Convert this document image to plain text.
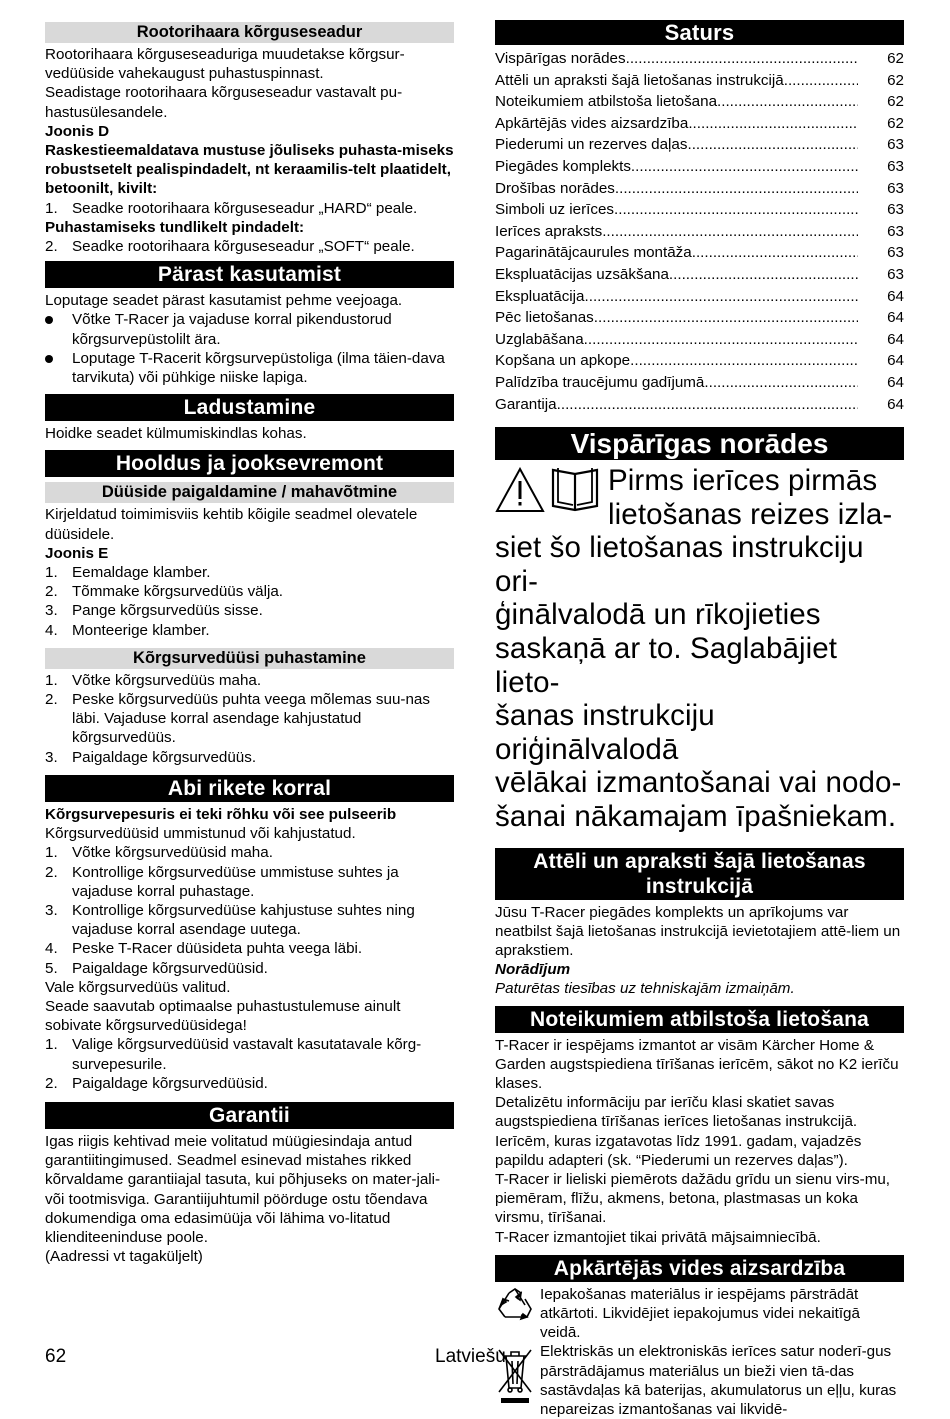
Rootorihaara kõrguseseadur
Rootorihaara kõrguseseaduriga muudetakse kõrgsur-vedüüside vahekaugust puhastuspinnast.
Seadistage rootorihaara kõrguseseadur vastavalt pu-hastusülesandele.
Joonis D
Raskestieemaldatava mustuse jõuliseks puhasta-miseks robustsetelt pealispindadelt, nt keraamilis-telt plaatidelt, betoonilt, kivilt:
1. Seadke rootorihaara kõrguseseadur „HARD“ peale.
Puhastamiseks tundlikelt pindadelt:
2. Seadke rootorihaara kõrguseseadur „SOFT“ peale.
Pärast kasutamist
Loputage seadet pärast kasutamist pehme veejoaga.
Võtke T-Racer ja vajaduse korral pikendustorud kõrgsurvepüstolilt ära.
Loputage T-Racerit kõrgsurvepüstoliga (ilma täien-dava tarvikuta) või pühkige niiske lapiga.
Ladustamine
Hoidke seadet külmumiskindlas kohas.
Hooldus ja jooksevremont
Düüside paigaldamine / mahavõtmine
Kirjeldatud toimimisviis kehtib kõigile seadmel olevatele düüsidele.
Joonis E
1. Eemaldage klamber.
2. Tõmmake kõrgsurvedüüs välja.
3. Pange kõrgsurvedüüs sisse.
4. Monteerige klamber.
Kõrgsurvedüüsi puhastamine
1. Võtke kõrgsurvedüüs maha.
2. Peske kõrgsurvedüüs puhta veega mõlemas suu-nas läbi. Vajaduse korral asendage kahjustatud kõrgsurvedüüs.
3. Paigaldage kõrgsurvedüüs.
Abi rikete korral
Kõrgsurvepesuris ei teki rõhku või see pulseerib
Kõrgsurvedüüsid ummistunud või kahjustatud.
1. Võtke kõrgsurvedüüsid maha.
2. Kontrollige kõrgsurvedüüse ummistuse suhtes ja vajaduse korral puhastage.
3. Kontrollige kõrgsurvedüüse kahjustuse suhtes ning vajaduse korral asendage uutega.
4. Peske T-Racer düüsideta puhta veega läbi.
5. Paigaldage kõrgsurvedüüsid.
Vale kõrgsurvedüüs valitud.
Seade saavutab optimaalse puhastustulemuse ainult sobivate kõrgsurvedüüsidega!
1. Valige kõrgsurvedüüsid vastavalt kasutatavale kõrg-survepesurile.
2. Paigaldage kõrgsurvedüüsid.
Garantii
Igas riigis kehtivad meie volitatud müügiesindaja antud garantiitingimused. Seadmel esinevad mistahes rikked kõrvaldame garantiiajal tasuta, kui põhjuseks on mater-jali- või tootmisviga. Garantiijuhtumil pöörduge ostu tõendava dokumendiga oma edasimüüja või lähima vo-litatud klienditeeninduse poole.
(Aadressi vt tagaküljelt)
Saturs
Vispārīgas norādes .....	62
Attēli un apraksti šajā lietošanas instrukcijā .....	62
Noteikumiem atbilstoša lietošana .....	62
Apkārtējās vides aizsardzība .....	62
Piederumi un rezerves daļas .....	63
Piegādes komplekts .....	63
Drošības norādes .....	63
Simboli uz ierīces .....	63
Ierīces apraksts .....	63
Pagarinātājcaurules montāža .....	63
Ekspluatācijas uzsākšana .....	63
Ekspluatācija .....	64
Pēc lietošanas .....	64
Uzglabāšana .....	64
Kopšana un apkope .....	64
Palīdzība traucējumu gadījumā .....	64
Garantija .....	64
Vispārīgas norādes
Pirms ierīces pirmās
lietošanas reizes izla-
siet šo lietošanas instrukciju ori-
ģinālvalodā un rīkojieties
saskaņā ar to. Saglabājiet lieto-
šanas instrukciju oriģinālvalodā
vēlākai izmantošanai vai nodo-
šanai nākamajam īpašniekam.
Attēli un apraksti šajā lietošanas
instrukcijā
Jūsu T-Racer piegādes komplekts un aprīkojums var neatbilst šajā lietošanas instrukcijā ievietotajiem attē-liem un aprakstiem.
Norādījum
Paturētas tiesības uz tehniskajām izmaiņām.
Noteikumiem atbilstoša lietošana
T-Racer ir iespējams izmantot ar visām Kärcher Home & Garden augstspiediena tīrīšanas ierīcēm, sākot no K2 ierīču klases.
Detalizētu informāciju par ierīču klasi skatiet savas augstspiediena tīrīšanas ierīces lietošanas instrukcijā. Ierīcēm, kuras izgatavotas līdz 1991. gadam, vajadzēs papildu adapteri (sk. “Piederumi un rezerves daļas”).
T-Racer ir lieliski piemērots dažādu grīdu un sienu virs-mu, piemēram, flīžu, akmens, betona, plastmasas un koka virsmu, tīrīšanai.
T-Racer izmantojiet tikai privātā mājsaimniecībā.
Apkārtējās vides aizsardzība
Iepakošanas materiālus ir iespējams pārstrādāt atkārtoti. Likvidējiet iepakojumus videi nekaitīgā veidā.
Elektriskās un elektroniskās ierīces satur noderī-gus pārstrādājamus materiālus un bieži vien tā-das sastāvdaļas kā baterijas, akumulatorus un eļļu, kuras nepareizas izmantošanas vai likvidē-
62	Latviešu
